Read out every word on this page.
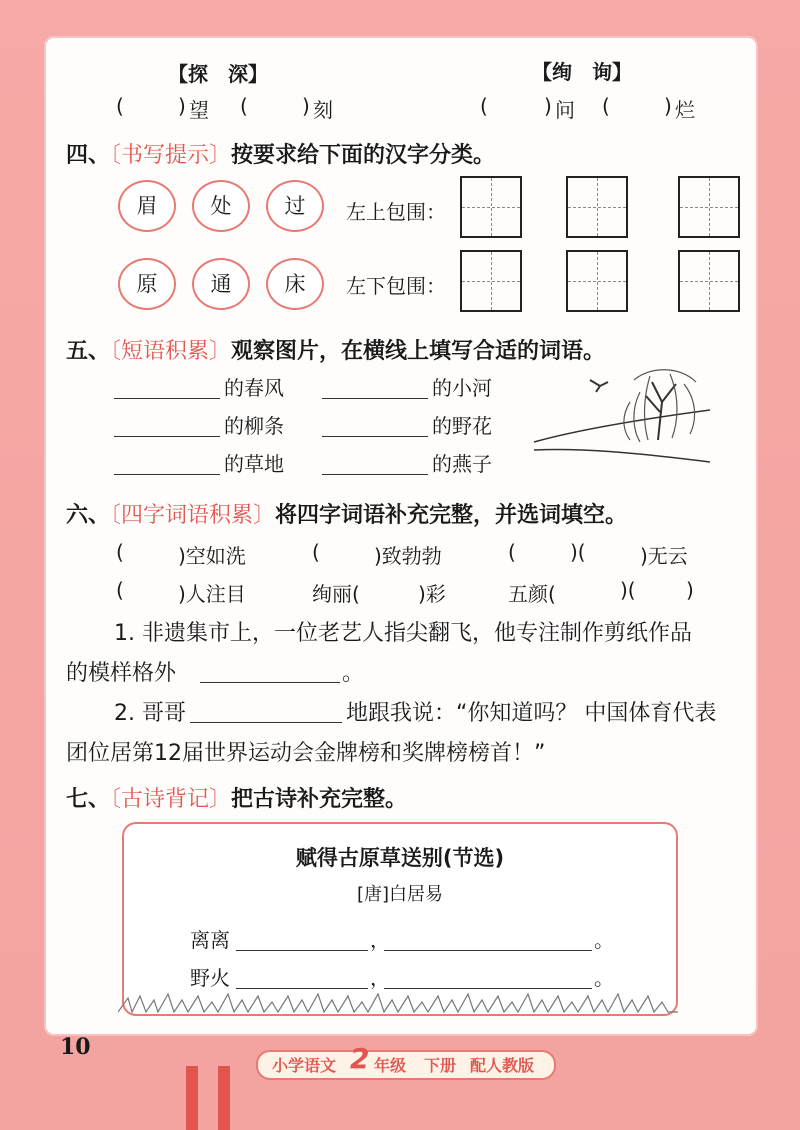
【探　深】	【绚　询】
(	) 望 (	) 刻	(	) 问 (	) 烂
四、〔书写提示〕按要求给下面的汉字分类。
眉	处	过
原	通	床
左上包围：
左下包围：
五、〔短语积累〕观察图片，在横线上填写合适的词语。
的春风	的小河
的柳条	的野花
的草地	的燕子
六、〔四字词语积累〕将四字词语补充完整，并选词填空。
(	)空如洗	(	)致勃勃	(	)(	)无云
(	)人注目	绚丽(	)彩	五颜(	)(	)
1. 非遗集市上，一位老艺人指尖翻飞，他专注制作剪纸作品
的模样格外	。
2. 哥哥	地跟我说：“你知道吗？ 中国体育代表
团位居第12届世界运动会金牌榜和奖牌榜榜首！”
七、〔古诗背记〕把古诗补充完整。
赋得古原草送别(节选)
[唐]白居易
离离	，	。
野火	，	。
10
小学语文 2 年级 下册 配人教版
